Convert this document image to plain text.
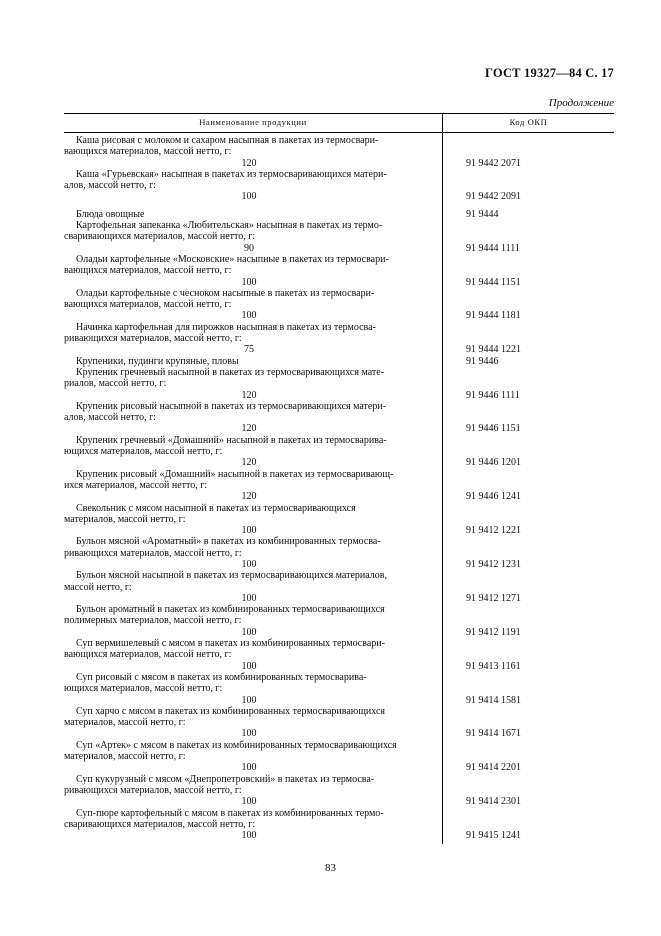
ГОСТ 19327—84 С. 17
Продолжение
Наименование продукции	Код ОКП
Каша рисовая с молоком и сахаром насыпная в пакетах из термосвари-
вающихся материалов, массой нетто, г:
120	91 9442 2071
Каша «Гурьевская» насыпная в пакетах из термосваривающихся матери-
алов, массой нетто, г:
100	91 9442 2091
Блюда овощные	91 9444
Картофельная запеканка «Любительская» насыпная в пакетах из термо-
сваривающихся материалов, массой нетто, г:
90	91 9444 1111
Оладьи картофельные «Московские» насыпные в пакетах из термосвари-
вающихся материалов, массой нетто, г:
100	91 9444 1151
Оладьи картофельные с чесноком насыпные в пакетах из термосвари-
вающихся материалов, массой нетто, г:
100	91 9444 1181
Начинка картофельная для пирожков насыпная в пакетах из термосва-
ривающихся материалов, массой нетто, г:
75	91 9444 1221
Крупеники, пудинги крупяные, пловы	91 9446
Крупеник гречневый насыпной в пакетах из термосваривающихся мате-
риалов, массой нетто, г:
120	91 9446 1111
Крупеник рисовый насыпной в пакетах из термосваривающихся матери-
алов, массой нетто, г:
120	91 9446 1151
Крупеник гречневый «Домашний» насыпной в пакетах из термосварива-
ющихся материалов, массой нетто, г:
120	91 9446 1201
Крупеник рисовый «Домашний» насыпной в пакетах из термосваривающ-
ихся материалов, массой нетто, г:
120	91 9446 1241
Свекольник с мясом насыпной в пакетах из термосваривающихся
материалов, массой нетто, г:
100	91 9412 1221
Бульон мясной «Ароматный» в пакетах из комбинированных термосва-
ривающихся материалов, массой нетто, г:
100	91 9412 1231
Бульон мясной насыпной в пакетах из термосваривающихся материалов,
массой нетто, г:
100	91 9412 1271
Бульон ароматный в пакетах из комбинированных термосваривающихся
полимерных материалов, массой нетто, г:
100	91 9412 1191
Суп вермишелевый с мясом в пакетах из комбинированных термосвари-
вающихся материалов, массой нетто, г:
100	91 9413 1161
Суп рисовый с мясом в пакетах из комбинированных термосварива-
ющихся материалов, массой нетто, г:
100	91 9414 1581
Суп харчо с мясом в пакетах из комбинированных термосваривающихся
материалов, массой нетто, г:
100	91 9414 1671
Суп «Артек» с мясом в пакетах из комбинированных термосваривающихся
материалов, массой нетто, г:
100	91 9414 2201
Суп кукурузный с мясом «Днепропетровский» в пакетах из термосва-
ривающихся материалов, массой нетто, г:
100	91 9414 2301
Суп-пюре картофельный с мясом в пакетах из комбинированных термо-
сваривающихся материалов, массой нетто, г:
100	91 9415 1241
83
